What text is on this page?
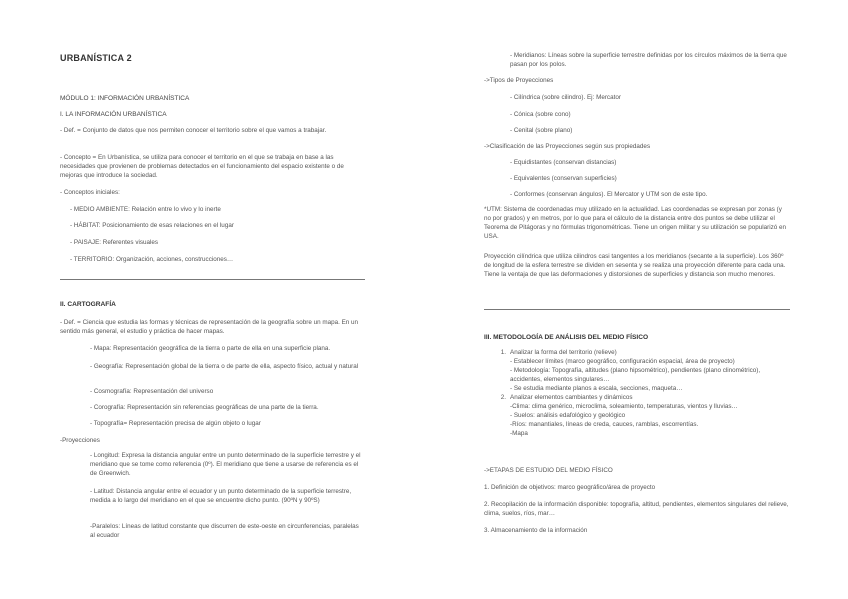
URBANÍSTICA 2
MÓDULO 1: INFORMACIÓN URBANÍSTICA
I. LA INFORMACIÓN URBANÍSTICA

- Def. = Conjunto de datos que nos permiten conocer el territorio sobre el que vamos a trabajar.

- Concepto = En Urbanística, se utiliza para conocer el territorio en el que se trabaja en base a las necesidades que provienen de problemas detectados en el funcionamiento del espacio existente o de mejoras que introduce la sociedad.

- Conceptos iniciales:

- MEDIO AMBIENTE: Relación entre lo vivo y lo inerte

- HÁBITAT: Posicionamiento de esas relaciones en el lugar

- PAISAJE: Referentes visuales

- TERRITORIO: Organización, acciones, construcciones…

II. CARTOGRAFÍA

- Def. = Ciencia que estudia las formas y técnicas de representación de la geografía sobre un mapa. En un sentido más general, el estudio y práctica de hacer mapas.

- Mapa: Representación geográfica de la tierra o parte de ella en una superficie plana.

- Geografía: Representación global de la tierra o de parte de ella, aspecto físico, actual y natural

- Cosmografía: Representación del universo

- Corografía: Representación sin referencias geográficas de una parte de la tierra.

- Topografía= Representación precisa de algún objeto o lugar

-Proyecciones

- Longitud: Expresa la distancia angular entre un punto determinado de la superficie terrestre y el meridiano que se tome como referencia (0º). El meridiano que tiene a usarse de referencia es el de Greenwich.

- Latitud: Distancia angular entre el ecuador y un punto determinado de la superficie terrestre, medida a lo largo del meridiano en el que se encuentre dicho punto. (90ºN y 90ºS)

-Paralelos: Líneas de latitud constante que discurren de este-oeste en circunferencias, paralelas al ecuador

- Meridianos: Líneas sobre la superficie terrestre definidas por los círculos máximos de la tierra que pasan por los polos.

->Tipos de Proyecciones

- Cilíndrica (sobre cilindro). Ej: Mercator

- Cónica (sobre cono)

- Cenital (sobre plano)

->Clasificación de las Proyecciones según sus propiedades

- Equidistantes (conservan distancias)

- Equivalentes (conservan superficies)

- Conformes (conservan ángulos). El Mercator y UTM son de este tipo.

*UTM: Sistema de coordenadas muy utilizado en la actualidad. Las coordenadas se expresan por zonas (y no por grados) y en metros, por lo que para el cálculo de la distancia entre dos puntos se debe utilizar el Teorema de Pitágoras y no fórmulas trigonométricas. Tiene un origen militar y su utilización se popularizó en USA.

Proyección cilíndrica que utiliza cilindros casi tangentes a los meridianos (secante a la superficie). Los 360º de longitud de la esfera terrestre se dividen en sesenta y se realiza una proyección diferente para cada una. Tiene la ventaja de que las deformaciones y distorsiones de superficies y distancia son mucho menores.

III. METODOLOGÍA DE ANÁLISIS DEL MEDIO FÍSICO
1. Analizar la forma del territorio (relieve)

- Establecer límites (marco geográfico, configuración espacial, área de proyecto)

- Metodología: Topografía, altitudes (plano hipsométrico), pendientes (plano clinométrico), accidentes, elementos singulares…

- Se estudia mediante planos a escala, secciones, maqueta…

2. Analizar elementos cambiantes y dinámicos

-Clima: clima genérico, microclima, soleamiento, temperaturas, vientos y lluvias…

- Suelos: análisis edafológico y geológico

-Ríos: manantiales, líneas de creda, cauces, ramblas, escorrentías.

-Mapa

->ETAPAS DE ESTUDIO DEL MEDIO FÍSICO

1. Definición de objetivos: marco geográfico/área de proyecto

2. Recopilación de la información disponible: topografía, altitud, pendientes, elementos singulares del relieve, clima, suelos, ríos, mar…

3. Almacenamiento de la información
